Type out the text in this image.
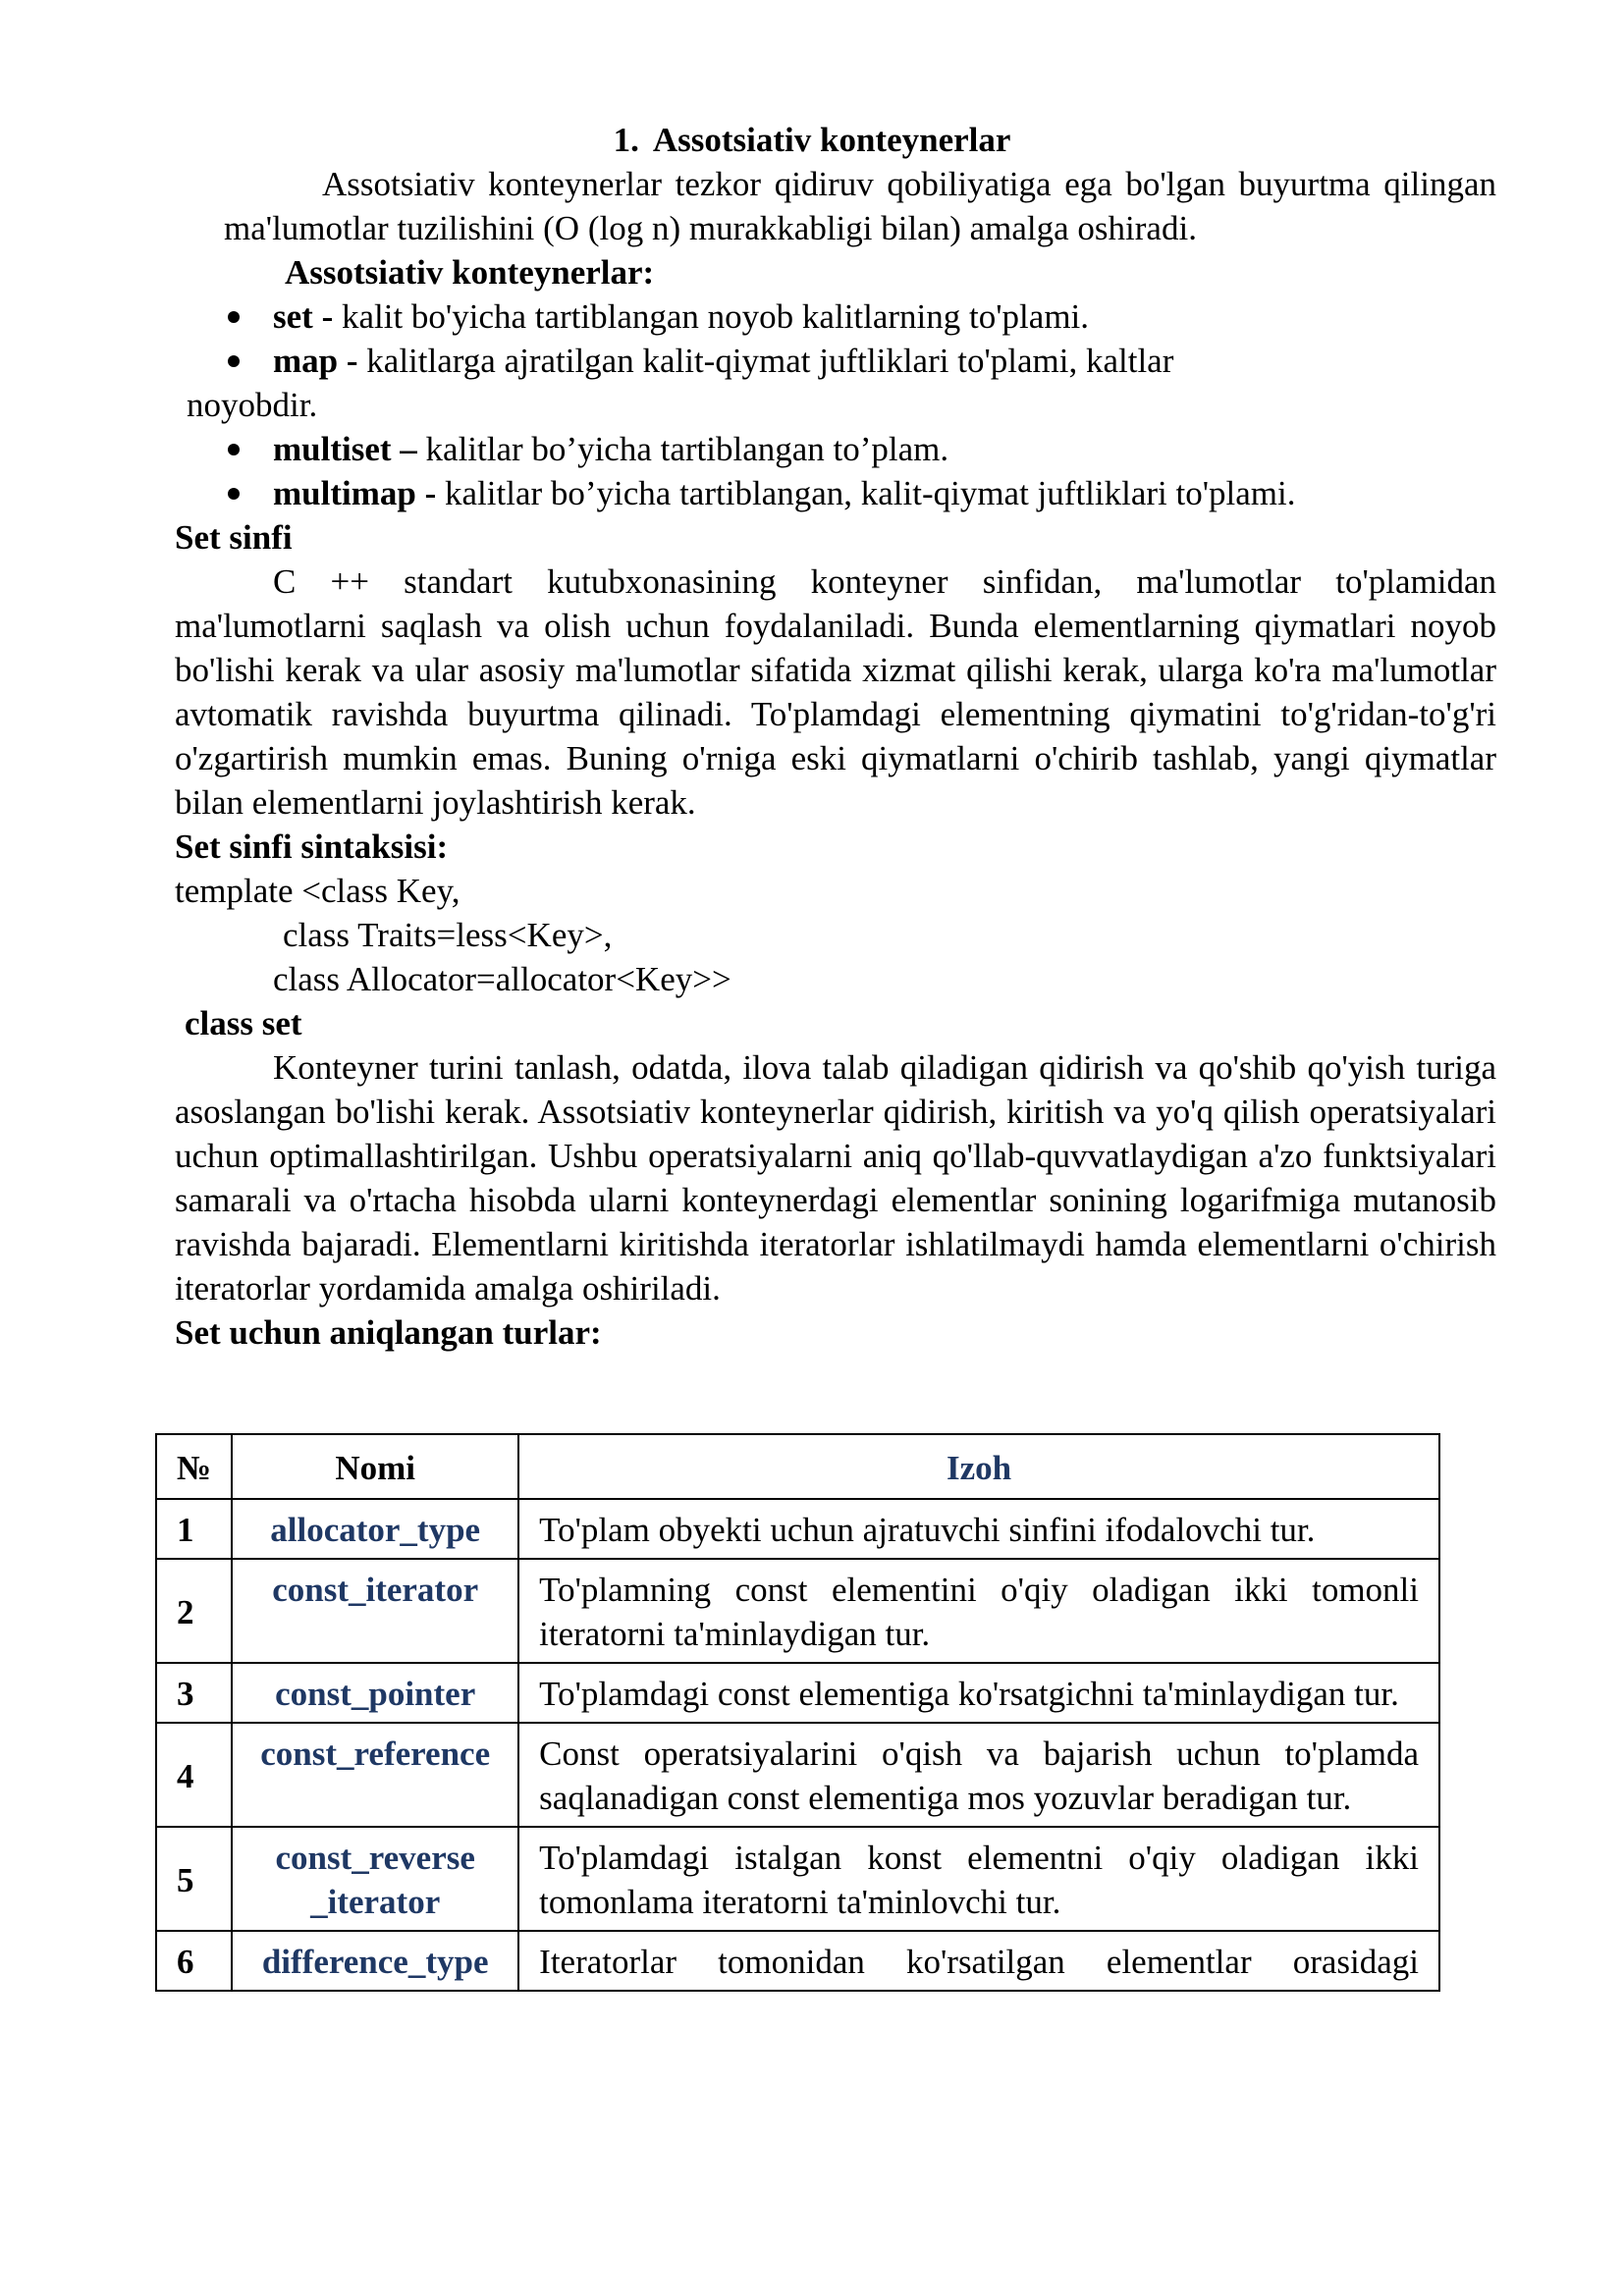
1. Assotsiativ konteynerlar
Assotsiativ konteynerlar tezkor qidiruv qobiliyatiga ega bo'lgan buyurtma qilingan ma'lumotlar tuzilishini (O (log n) murakkabligi bilan) amalga oshiradi.
Assotsiativ konteynerlar:
set - kalit bo'yicha tartiblangan noyob kalitlarning to'plami.
map - kalitlarga ajratilgan kalit-qiymat juftliklari to'plami, kaltlar
noyobdir.
multiset – kalitlar bo’yicha tartiblangan to’plam.
multimap - kalitlar bo’yicha tartiblangan, kalit-qiymat juftliklari to'plami.
Set sinfi
C ++ standart kutubxonasining konteyner sinfidan, ma'lumotlar to'plamidan ma'lumotlarni saqlash va olish uchun foydalaniladi. Bunda elementlarning qiymatlari noyob bo'lishi kerak va ular asosiy ma'lumotlar sifatida xizmat qilishi kerak, ularga ko'ra ma'lumotlar avtomatik ravishda buyurtma qilinadi. To'plamdagi elementning qiymatini to'g'ridan-to'g'ri o'zgartirish mumkin emas. Buning o'rniga eski qiymatlarni o'chirib tashlab, yangi qiymatlar bilan elementlarni joylashtirish kerak.
Set sinfi sintaksisi:
template <class Key,
class Traits=less<Key>,
class Allocator=allocator<Key>>
class set
Konteyner turini tanlash, odatda, ilova talab qiladigan qidirish va qo'shib qo'yish turiga asoslangan bo'lishi kerak. Assotsiativ konteynerlar qidirish, kiritish va yo'q qilish operatsiyalari uchun optimallashtirilgan. Ushbu operatsiyalarni aniq qo'llab-quvvatlaydigan a'zo funktsiyalari samarali va o'rtacha hisobda ularni konteynerdagi elementlar sonining logarifmiga mutanosib ravishda bajaradi. Elementlarni kiritishda iteratorlar ishlatilmaydi hamda elementlarni o'chirish iteratorlar yordamida amalga oshiriladi.
Set uchun aniqlangan turlar:
№	Nomi	Izoh
1	allocator_type	To'plam obyekti uchun ajratuvchi sinfini ifodalovchi tur.
2	const_iterator	To'plamning const elementini o'qiy oladigan ikki tomonli iteratorni ta'minlaydigan tur.
3	const_pointer	To'plamdagi const elementiga ko'rsatgichni ta'minlaydigan tur.
4	const_reference	Const operatsiyalarini o'qish va bajarish uchun to'plamda saqlanadigan const elementiga mos yozuvlar beradigan tur.
5	const_reverse _iterator	To'plamdagi istalgan konst elementni o'qiy oladigan ikki tomonlama iteratorni ta'minlovchi tur.
6	difference_type	Iteratorlar tomonidan ko'rsatilgan elementlar orasidagi
